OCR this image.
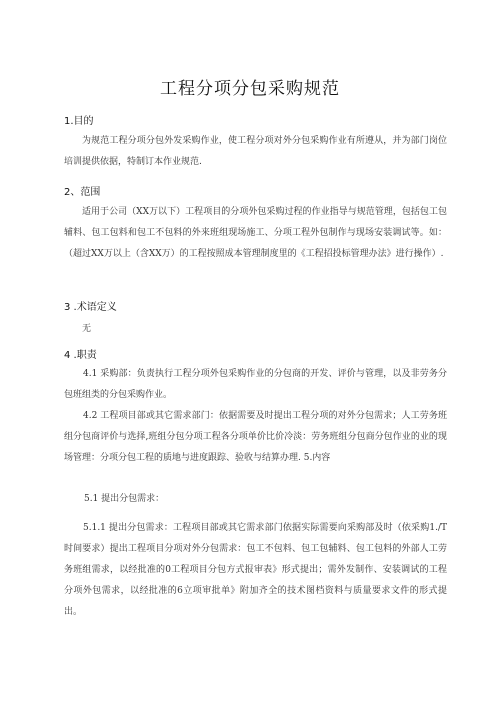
工程分项分包采购规范
1.目的
为规范工程分项分包外发采购作业，使工程分项对外分包采购作业有所遵从，并为部门岗位培训提供依据，特制订本作业规范.
2、范围
适用于公司（XX万以下）工程项目的分项外包采购过程的作业指导与规范管理，包括包工包辅料、包工包料和包工不包料的外来班组现场施工、分项工程外包制作与现场安装调试等。如：（超过XX万以上（含XX万）的工程按照成本管理制度里的《工程招投标管理办法》进行操作）.
3 .术语定义
无
4 .职责
4.1 采购部：负责执行工程分项外包采购作业的分包商的开发、评价与管理，以及非劳务分包班组类的分包采购作业。
4.2 工程项目部或其它需求部门：依据需要及时提出工程分项的对外分包需求；人工劳务班组分包商评价与选择,班组分包分项工程各分项单价比价冷淡：劳务班组分包商分包作业的业的现场管理：分项分包工程的质地与进度跟踪、验收与结算办理. 5.内容
5.1 提出分包需求：
5.1.1 提出分包需求：工程项目部或其它需求部门依据实际需要向采购部及时（依采购1./T时间要求）提出工程项目分项对外分包需求：包工不包料、包工包辅料、包工包料的外部人工劳务班组需求，以经批准的0工程项目分包方式报审表》形式提出；需外发制作、安装调试的工程分项外包需求，以经批准的6立项审批单》附加齐全的技术图档资料与质量要求文件的形式提出。
